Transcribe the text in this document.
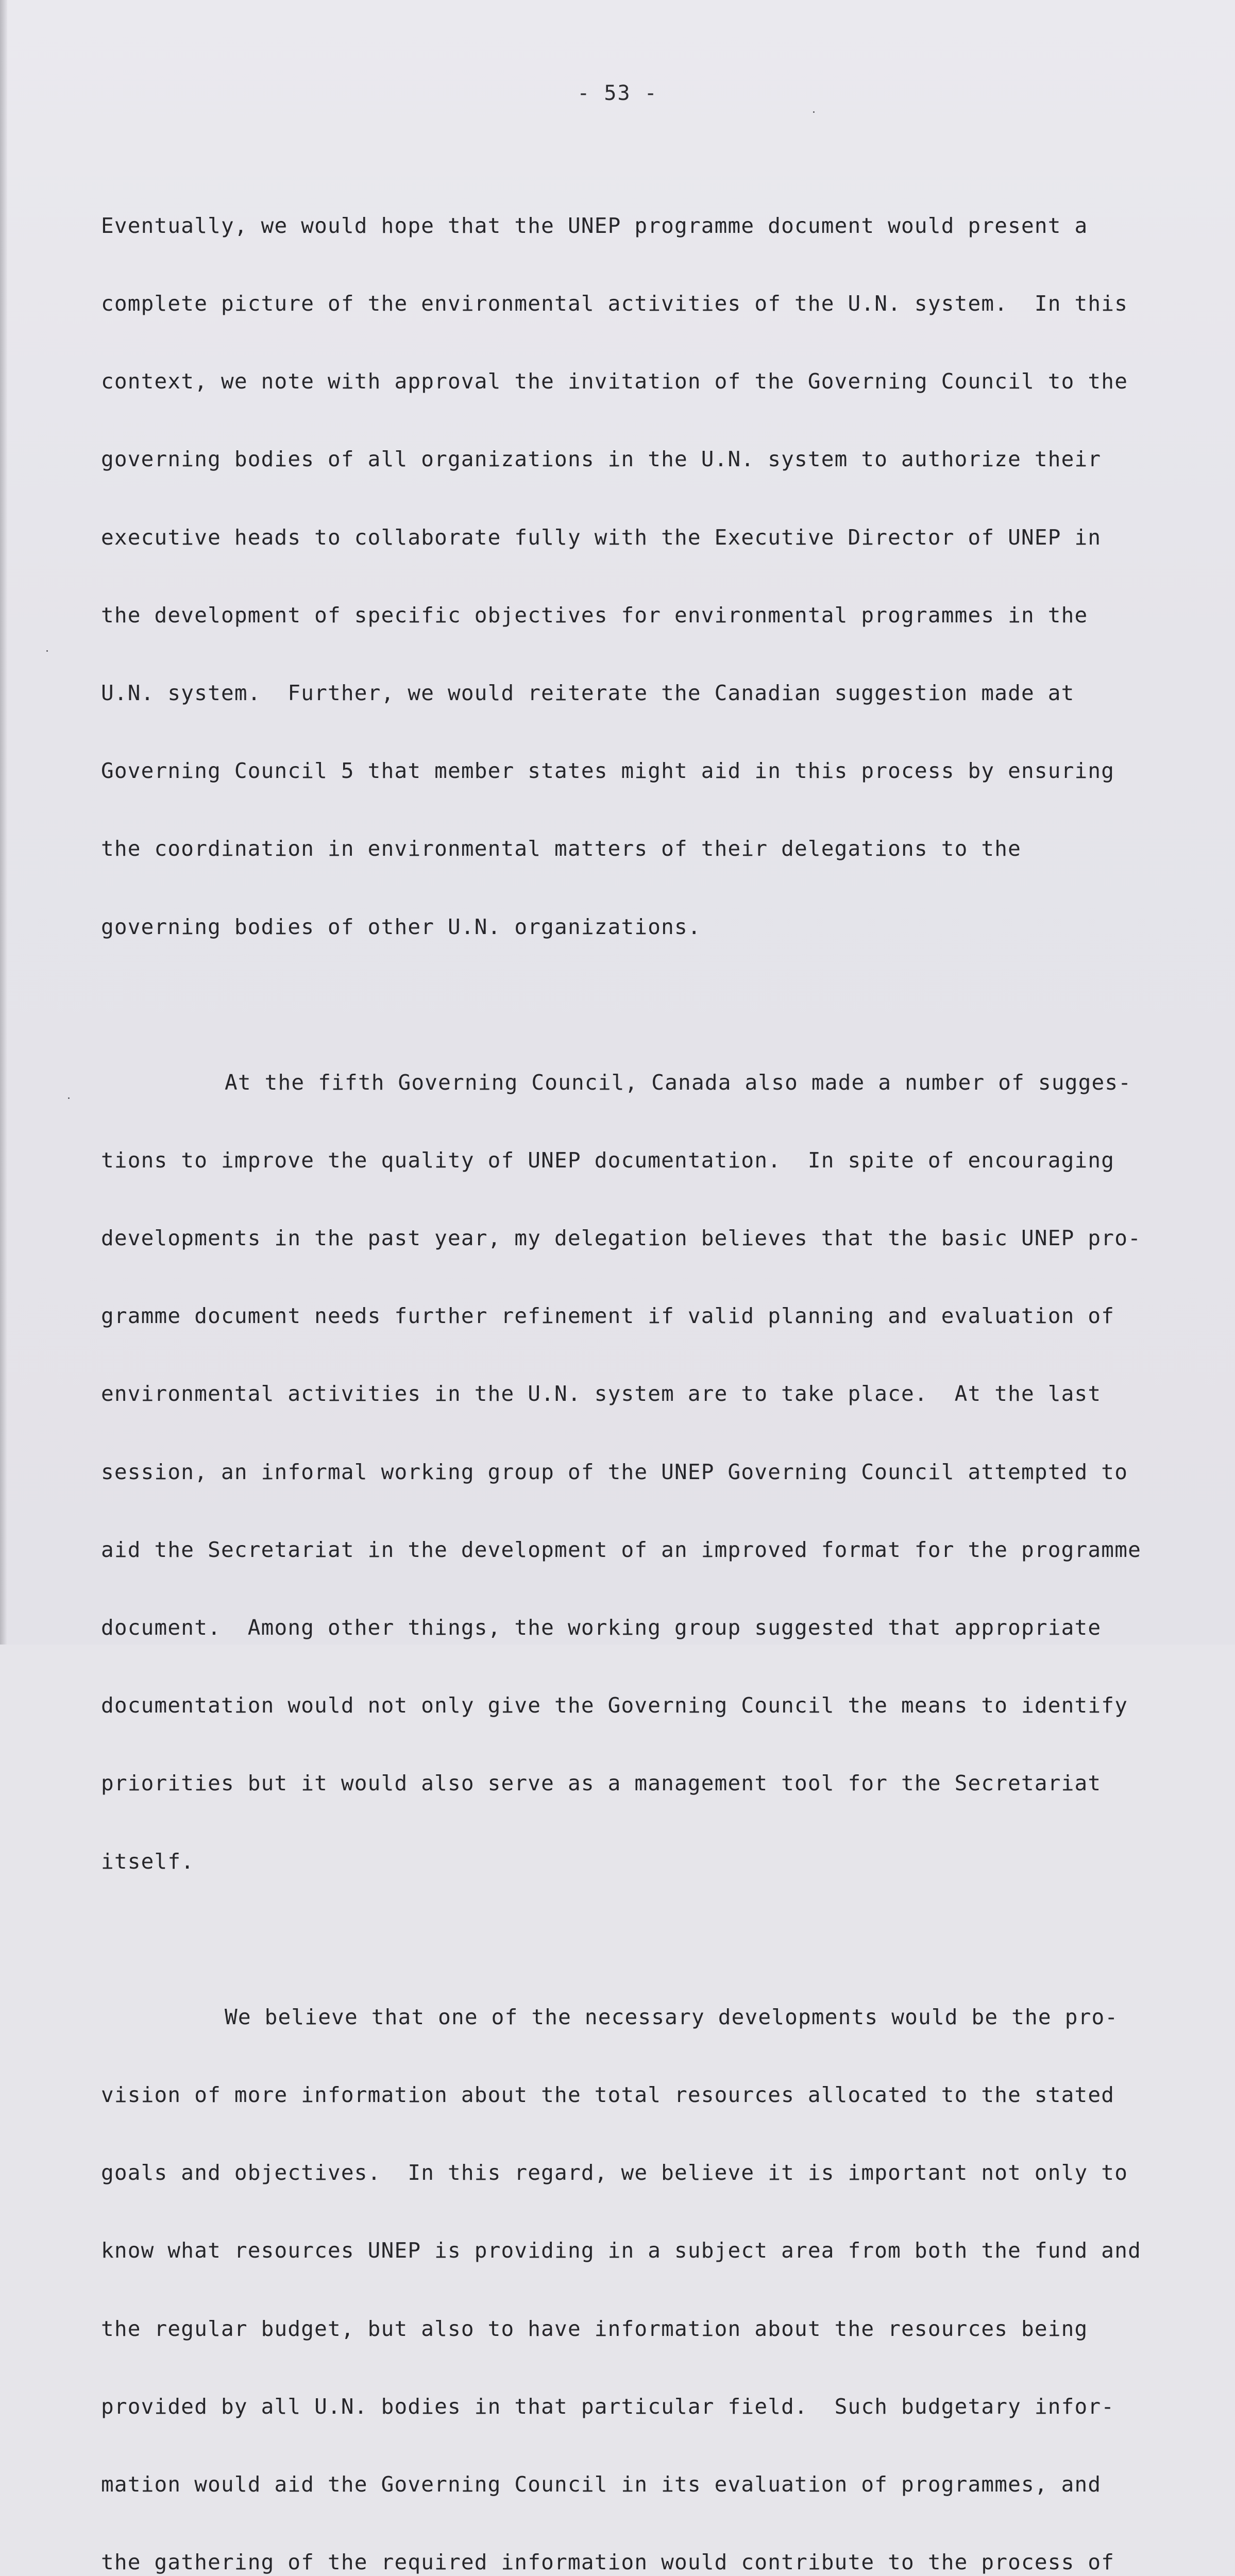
- 53 -

Eventually, we would hope that the UNEP programme document would present a

complete picture of the environmental activities of the U.N. system.  In this

context, we note with approval the invitation of the Governing Council to the

governing bodies of all organizations in the U.N. system to authorize their

executive heads to collaborate fully with the Executive Director of UNEP in

the development of specific objectives for environmental programmes in the

U.N. system.  Further, we would reiterate the Canadian suggestion made at

Governing Council 5 that member states might aid in this process by ensuring

the coordination in environmental matters of their delegations to the

governing bodies of other U.N. organizations.

At the fifth Governing Council, Canada also made a number of sugges-

tions to improve the quality of UNEP documentation.  In spite of encouraging

developments in the past year, my delegation believes that the basic UNEP pro-

gramme document needs further refinement if valid planning and evaluation of

environmental activities in the U.N. system are to take place.  At the last

session, an informal working group of the UNEP Governing Council attempted to

aid the Secretariat in the development of an improved format for the programme

document.  Among other things, the working group suggested that appropriate

documentation would not only give the Governing Council the means to identify

priorities but it would also serve as a management tool for the Secretariat

itself.

We believe that one of the necessary developments would be the pro-

vision of more information about the total resources allocated to the stated

goals and objectives.  In this regard, we believe it is important not only to

know what resources UNEP is providing in a subject area from both the fund and

the regular budget, but also to have information about the resources being

provided by all U.N. bodies in that particular field.  Such budgetary infor-

mation would aid the Governing Council in its evaluation of programmes, and

the gathering of the required information would contribute to the process of
